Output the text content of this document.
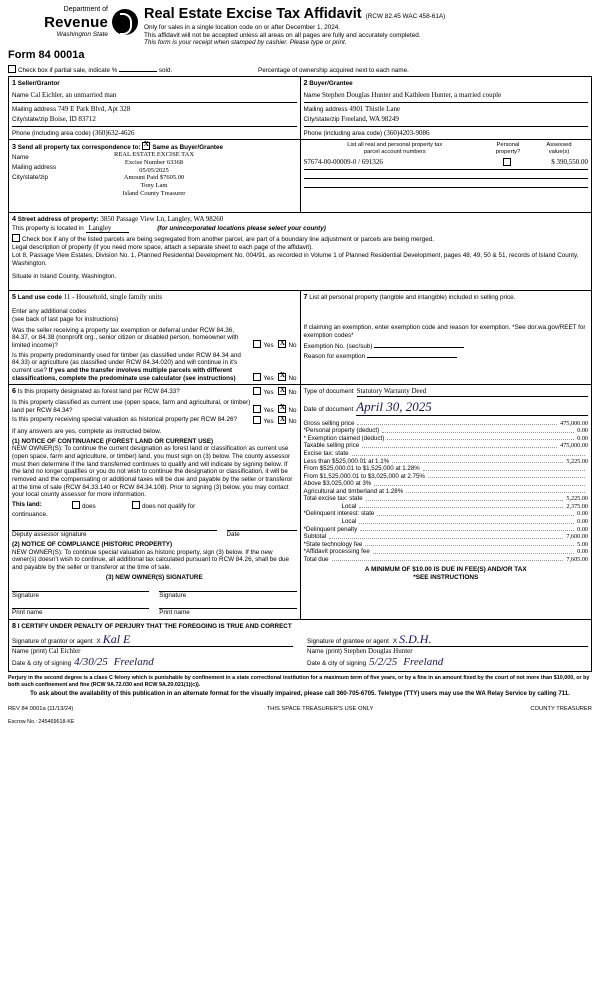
Department of
Revenue
Washington State
Real Estate Excise Tax Affidavit (RCW 82.45 WAC 458-61A)
Only for sales in a single location code on or after December 1, 2024.
This affidavit will not be accepted unless all areas on all pages are fully and accurately completed.
This form is your receipt when stamped by cashier. Please type or print.
Form 84 0001a
Check box if partial sale, indicate %	sold.	Percentage of ownership acquired next to each name.
1 Seller/Grantor
Name Cal Eichler, an unmarried man
Mailing address 749 E Park Blvd, Apt 328
City/state/zip Boise, ID 83712
Phone (including area code) (360)632-4626
2 Buyer/Grantee
Name Stephen Douglas Hunter and Kathleen Hunter, a married couple
Mailing address 4901 Thistle Lane
City/state/zip Freeland, WA 98249
Phone (including area code) (360)4203-9086
3 Send all property tax correspondence to: X Same as Buyer/Grantee
Name
Mailing address
City/state/zip
REAL ESTATE EXCISE TAX
Excise Number 63368
05/05/2025
Amount Paid $7605.00
Tony Lam
Island County Treasurer
List all real and personal property tax
parcel account numbers
Personal
property?
Assessed
value(s)
S7674-00-00009-0 / 691326	$ 390,550.00
4 Street address of property: 3850 Passage View Ln, Langley, WA 98260
This property is located in Langley	(for unincorporated locations please select your county)
Check box if any of the listed parcels are being segregated from another parcel, are part of a boundary line adjustment or parcels are being merged.
Legal description of property (if you need more space, attach a separate sheet to each page of the affidavit).
Lot 8, Passage View Estates, Division No. 1, Planned Residential Development No. 004/91, as recorded in Volume 1 of Planned Residential Development, pages 48, 49, 50 & 51, records of Island County, Washington.
Situate in Island County, Washington.
5 Land use code 11 - Household, single family units
Enter any additional codes
(see back of last page for instructions)
Was the seller receiving a property tax exemption or deferral under RCW 84.36, 84.37, or 84.38 (nonprofit org., senior citizen or disabled person, homeowner with limited income)?	Yes X No
Is this property predominantly used for timber (as classified under RCW 84.34 and 84.33) or agriculture (as classified under RCW 84.34.020) and will continue in it's current use? If yes and the transfer involves multiple parcels with different classifications, complete the predominate use calculator (see instructions)	Yes X No
7 List all personal property (tangible and intangible) included in selling price.
If claiming an exemption, enter exemption code and reason for exemption. *See dor.wa.gov/REET for exemption codes*
Exemption No. (sec/sub)
Reason for exemption
6 Is this property designated as forest land per RCW 84.33?	Yes X No
Is this property classified as current use (open space, farm and agricultural, or timber) land per RCW 84.34?	Yes X No
Is this property receiving special valuation as historical property per RCW 84.26?	Yes X No
If any answers are yes, complete as instructed below.
(1) NOTICE OF CONTINUANCE (FOREST LAND OR CURRENT USE)
NEW OWNER(S): To continue the current designation as forest land or classification as current use (open space, farm and agriculture, or timber) land, you must sign on (3) below. The county assessor must then determine if the land transferred continues to qualify and will indicate by signing below. If the land no longer qualifies or you do not wish to continue the designation or classification, it will be removed and the compensating or additional taxes will be due and payable by the seller or transferor at the time of sale (RCW 84.33.140 or RCW 84.34.108). Prior to signing (3) below, you may contact your local county assessor for more information.
This land:	does	does not qualify for
continuance.
Deputy assessor signature	Date
(2) NOTICE OF COMPLIANCE (HISTORIC PROPERTY)
NEW OWNER(S): To continue special valuation as historic property, sign (3) below. If the new owner(s) doesn't wish to continue, all additional tax calculated pursuant to RCW 84.26, shall be due and payable by the seller or transferor at the time of sale.
(3) NEW OWNER(S) SIGNATURE
Signature	Signature
Print name	Print name
Type of document Statutory Warranty Deed
Date of document April 30, 2025
Gross selling price	475,000.00
*Personal property (deduct)	0.00
* Exemption claimed (deduct)	0.00
Taxable selling price	475,000.00
Excise tax: state
Less than $525,000.01 at 1.1%	5,225.00
From $525,000.01 to $1,525,000 at 1.28%
From $1,525,000.01 to $3,025,000 at 2.75%
Above $3,025,000 at 3%
Agricultural and timberland at 1.28%
Total excise tax: state	5,225.00
Local	2,375.00
*Delinquent interest: state	0.00
Local	0.00
*Delinquent penalty	0.00
Subtotal	7,600.00
*State technology fee	5.00
*Affidavit processing fee	0.00
Total due	7,605.00
A MINIMUM OF $10.00 IS DUE IN FEE(S) AND/OR TAX
*SEE INSTRUCTIONS
8 I CERTIFY UNDER PENALTY OF PERJURY THAT THE FOREGOING IS TRUE AND CORRECT
Signature of grantor or agent X Kal E
Name (print) Cal Eichler
Date & city of signing 4/30/25 Freeland
Signature of grantee or agent X S.D.H.
Name (print) Stephen Douglas Hunter
Date & city of signing 5/2/25 Freeland
Perjury in the second degree is a class C felony which is punishable by confinement in a state correctional institution for a maximum term of five years, or by a fine in an amount fixed by the court of not more than $10,000, or by both such confinement and fine (RCW 9A.72.030 and RCW 9A.20.021(1)(c)).
To ask about the availability of this publication in an alternate format for the visually impaired, please call 360-705-6705. Teletype (TTY) users may use the WA Relay Service by calling 711.
REV 84 0001a (11/13/24)	THIS SPACE TREASURER'S USE ONLY	COUNTY TREASURER
Escrow No.: 245469618-KE
